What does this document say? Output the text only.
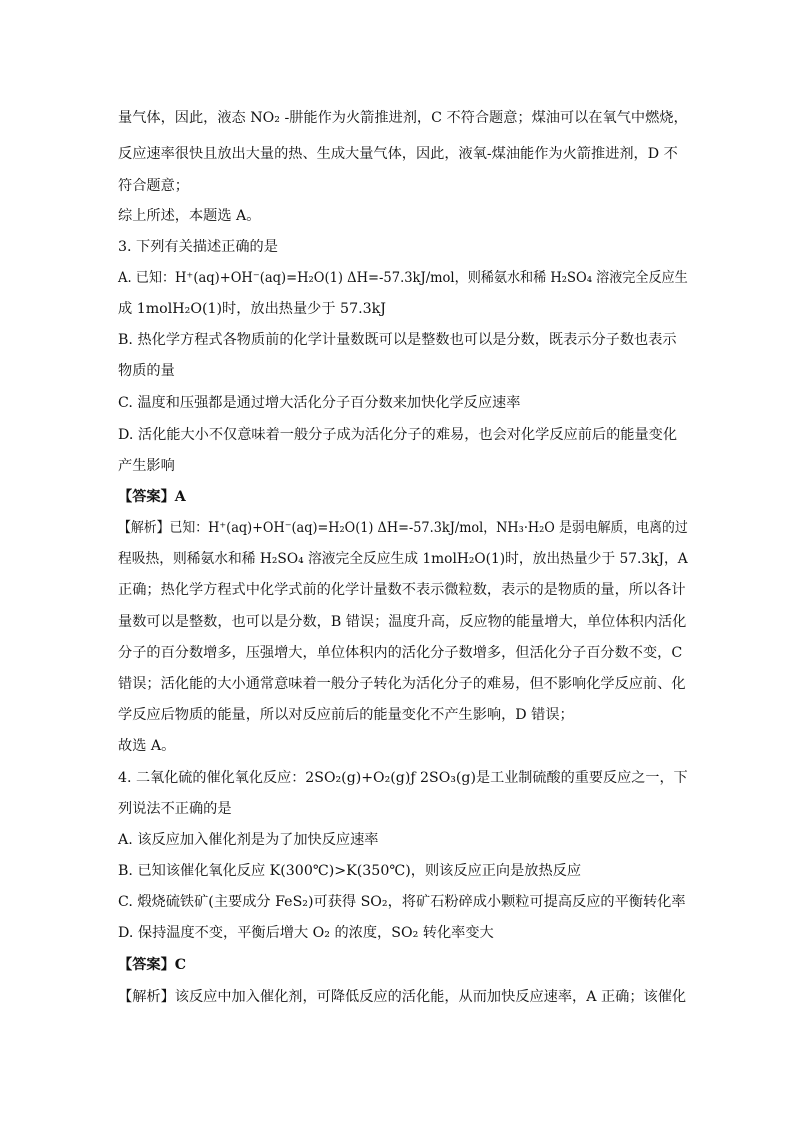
量气体，因此，液态 NO₂ -肼能作为火箭推进剂，C 不符合题意；煤油可以在氧气中燃烧，
反应速率很快且放出大量的热、生成大量气体，因此，液氧-煤油能作为火箭推进剂，D 不
符合题意；
综上所述，本题选 A。
3. 下列有关描述正确的是
A. 已知：H⁺(aq)+OH⁻(aq)=H₂O(1) ΔH=-57.3kJ/mol，则稀氨水和稀 H₂SO₄ 溶液完全反应生
成 1molH₂O(1)时，放出热量少于 57.3kJ
B. 热化学方程式各物质前的化学计量数既可以是整数也可以是分数，既表示分子数也表示
物质的量
C. 温度和压强都是通过增大活化分子百分数来加快化学反应速率
D. 活化能大小不仅意味着一般分子成为活化分子的难易，也会对化学反应前后的能量变化
产生影响
【答案】A
【解析】已知：H⁺(aq)+OH⁻(aq)=H₂O(1) ΔH=-57.3kJ/mol，NH₃·H₂O 是弱电解质，电离的过
程吸热，则稀氨水和稀 H₂SO₄ 溶液完全反应生成 1molH₂O(1)时，放出热量少于 57.3kJ，A
正确；热化学方程式中化学式前的化学计量数不表示微粒数，表示的是物质的量，所以各计
量数可以是整数，也可以是分数，B 错误；温度升高，反应物的能量增大，单位体积内活化
分子的百分数增多，压强增大，单位体积内的活化分子数增多，但活化分子百分数不变，C
错误；活化能的大小通常意味着一般分子转化为活化分子的难易，但不影响化学反应前、化
学反应后物质的能量，所以对反应前后的能量变化不产生影响，D 错误；
故选 A。
4. 二氧化硫的催化氧化反应：2SO₂(g)+O₂(g)ƒ 2SO₃(g)是工业制硫酸的重要反应之一，下
列说法不正确的是
A. 该反应加入催化剂是为了加快反应速率
B. 已知该催化氧化反应 K(300℃)>K(350℃)，则该反应正向是放热反应
C. 煅烧硫铁矿(主要成分 FeS₂)可获得 SO₂，将矿石粉碎成小颗粒可提高反应的平衡转化率
D. 保持温度不变，平衡后增大 O₂ 的浓度，SO₂ 转化率变大
【答案】C
【解析】该反应中加入催化剂，可降低反应的活化能，从而加快反应速率，A 正确；该催化
